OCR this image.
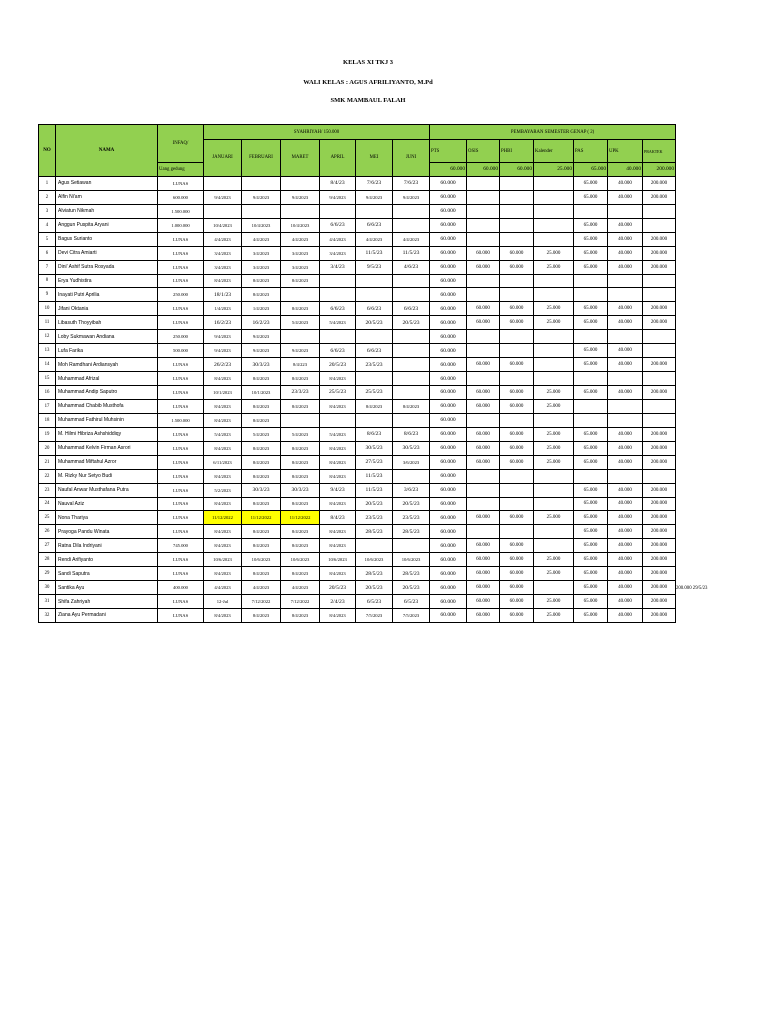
KELAS XI TKJ 3
WALI KELAS : AGUS AFRILIYANTO, M.Pd
SMK MAMBAUL FALAH
NO	NAMA	INFAQ/	SYAHRIYAH/ 150.000						PEMBAYARAN SEMESTER GENAP ( 2)						
			JANUARI	FEBRUARI	MARET	APRIL	MEI	JUNI	PTS	OSIS	PHBI	Kalender	PAS	UPK	PRAKTEK
		Uang gedung							60.000	60.000	60.000	25.000	65.000	40.000	200.000
1	Agus Setiawan	LUNAS				8/4/23	7/6/23	7/6/23	60.000				65.000	40.000	200.000
2	Alfin Ni'am	600.000	9/4/2023	9/4/2023	9/4/2023	9/4/2023	9/4/2023	9/4/2023	60.000				65.000	40.000	200.000
3	Alviatun Nikmah	1.500.000							60.000						
4	Anggun Puspita Aryani	1.000.000	10/4/2023	10/4/2023	10/4/2023	6/6/23	6/6/23		60.000				65.000	40.000	
5	Bagus Surianto	LUNAS	4/4/2023	4/4/2023	4/4/2023	4/4/2023	4/4/2023	4/4/2023	60.000				65.000	40.000	200.000
6	Devi Citra Amiarti	LUNAS	3/4/2023	3/4/2023	3/4/2023	3/4/2023	11/5/23	11/5/23	60.000	60.000	60.000	25.000	65.000	40.000	200.000
7	Dini' Ashif Sutra Rosyada	LUNAS	3/4/2023	3/4/2023	3/4/2023	3/4/23	9/5/23	4/6/23	60.000	60.000	60.000	25.000	65.000	40.000	200.000
8	Erya Yudhistira	LUNAS	8/4/2023	8/4/2023	8/4/2023				60.000						
9	Inayati Putri Aprilia	250.000	18/1/23	8/4/2023					60.000						
10	Jifani Oktania	LUNAS	1/4/2023	1/4/2023	8/4/2023	6/6/23	6/6/23	6/6/23	60.000	60.000	60.000	25.000	65.000	40.000	200.000
11	Libasuth Thoyyibah	LUNAS	16/2/23	16/2/23	5/4/2023	5/4/2023	20/5/23	20/5/23	60.000	60.000	60.000	25.000	65.000	40.000	200.000
12	Loby Sukmawan Andiana	250.000	9/4/2023	9/4/2023					60.000						
13	Lufa Farika	500.000	9/4/2023	9/4/2023	9/4/2023	6/6/23	6/6/23		60.000				65.000	40.000	
14	Moh Ramdhani Ardiansyah	LUNAS	26/2/23	30/3/23	8/4/223	20/5/23	23/5/23		60.000	60.000	60.000		65.000	40.000	200.000
15	Muhammad Afrizal	LUNAS	8/4/2023	8/4/2023	8/4/2023	8/4/2023			60.000						
16	Muhammad Andip Saputro	LUNAS	10/1/2023	10/1/2023	23/3/23	25/5/23	25/5/23		60.000	60.000	60.000	25.000	65.000	40.000	200.000
17	Muhammad Chabib Musthofa	LUNAS	8/4/2023	8/4/2023	8/4/2023	8/4/2023	8/4/2023	8/4/2023	60.000	60.000	60.000	25.000			
18	Muhammad Fathirul Muhsinin	1.500.000	8/4/2023	8/4/2023					60.000						
19	M. Hilmi Hibriza Ashshiddiqy	LUNAS	5/4/2023	5/4/2023	5/4/2023	5/4/2023	8/6/23	8/6/23	60.000	60.000	60.000	25.000	65.000	40.000	200.000
20	Muhammad Kelvin Firman Asrori	LUNAS	8/4/2023	8/4/2023	8/4/2023	8/4/2023	30/5/23	30/5/23	60.000	60.000	60.000	25.000	65.000	40.000	200.000
21	Muhammad Miftahul Azror	LUNAS	6/11/2023	8/4/2023	8/4/2023	8/4/2023	27/5/23	3/6/2023	60.000	60.000	60.000	25.000	65.000	40.000	200.000
22	M. Rizky Nur Setyo Budi	LUNAS	8/4/2023	8/4/2023	8/4/2023	8/4/2023	11/5/23		60.000						
23	Naufal Anwar Musthafana Putra	LUNAS	5/2/2023	30/3/23	30/3/23	9/4/23	11/5/23	3/6/23	60.000				65.000	40.000	200.000
24	Nauval Aziz	LUNAS	8/4/2023	8/4/2023	8/4/2023	8/4/2023	20/5/23	20/5/23	60.000				65.000	40.000	200.000
25	Nona Thariya	LUNAS	11/12/2022	11/12/2022	11/12/2022	8/4/23	23/5/23	23/5/23	60.000	60.000	60.000	25.000	65.000	40.000	200.000
26	Prayoga Pandu Winata	LUNAS	8/4/2023	8/4/2023	8/4/2023	8/4/2023	28/5/23	28/5/23	60.000				65.000	40.000	200.000
27	Ratna Dila Indriyani	745.000	8/4/2023	8/4/2023	8/4/2023	8/4/2023			60.000	60.000	60.000		65.000	40.000	200.000
28	Rendi Arifiyanto	LUNAS	10/6/2023	10/6/2023	10/6/2023	10/6/2023	10/6/2023	10/6/2023	60.000	60.000	60.000	25.000	65.000	40.000	200.000
29	Sandi Saputra	LUNAS	8/4/2023	8/4/2023	8/4/2023	8/4/2023	28/5/23	28/5/23	60.000	60.000	60.000	25.000	65.000	40.000	200.000
30	Santika Ayu	400.000	4/4/2023	4/4/2023	4/4/2023	20/5/23	20/5/23	20/5/23	60.000	60.000	60.000		65.000	40.000	200.000
31	Shifa Zahriyah	LUNAS	12-Jul	7/12/2022	7/12/2022	2/4/23	6/5/23	6/5/23	60.000	60.000	60.000	25.000	65.000	40.000	200.000
32	Ziana Ayu Permadani	LUNAS	8/4/2023	8/4/2023	8/4/2023	8/4/2023	7/5/2023	7/5/2023	60.000	60.000	60.000	25.000	65.000	40.000	200.000
200.000 29/5/23
